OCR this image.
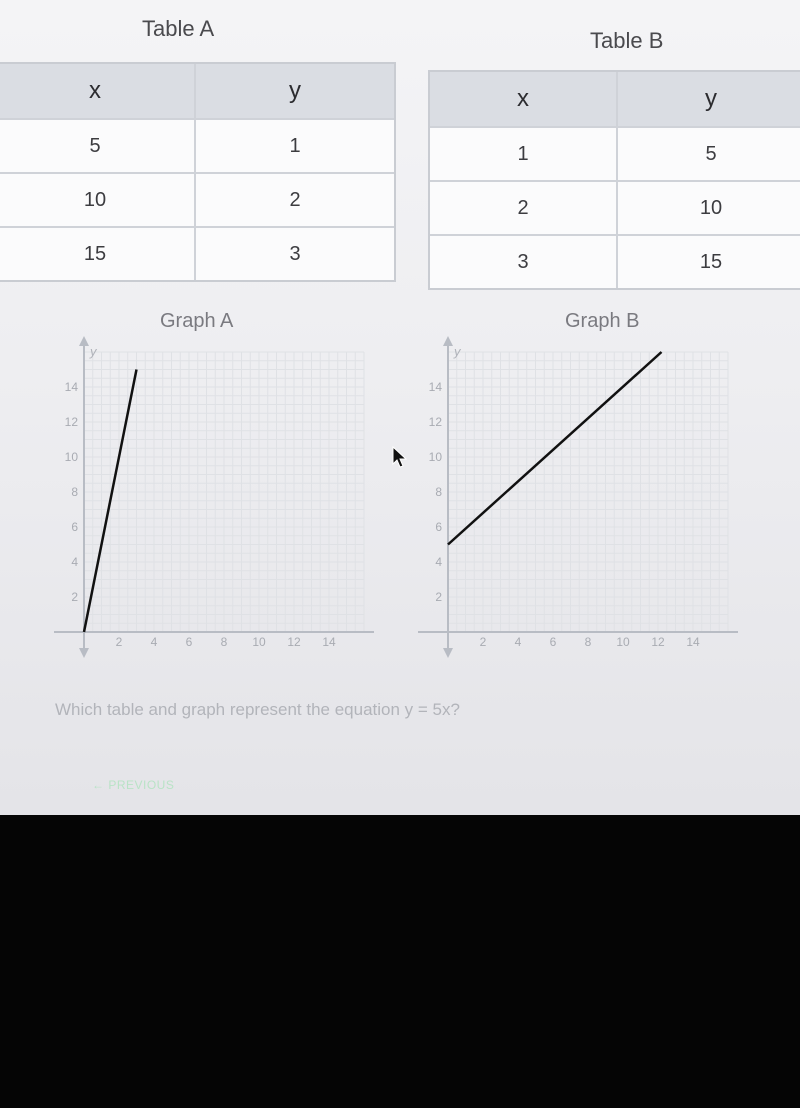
Table A
x	y
5	1
10	2
15	3
Table B
x	y
1	5
2	10
3	15
Graph A	Graph B
y
2 4 6 8 10 12 14
2
4
6
8
10
12
14
y
2 4 6 8 10 12 14
2
4
6
8
10
12
14

Which table and graph represent the equation y = 5x?

← PREVIOUS
